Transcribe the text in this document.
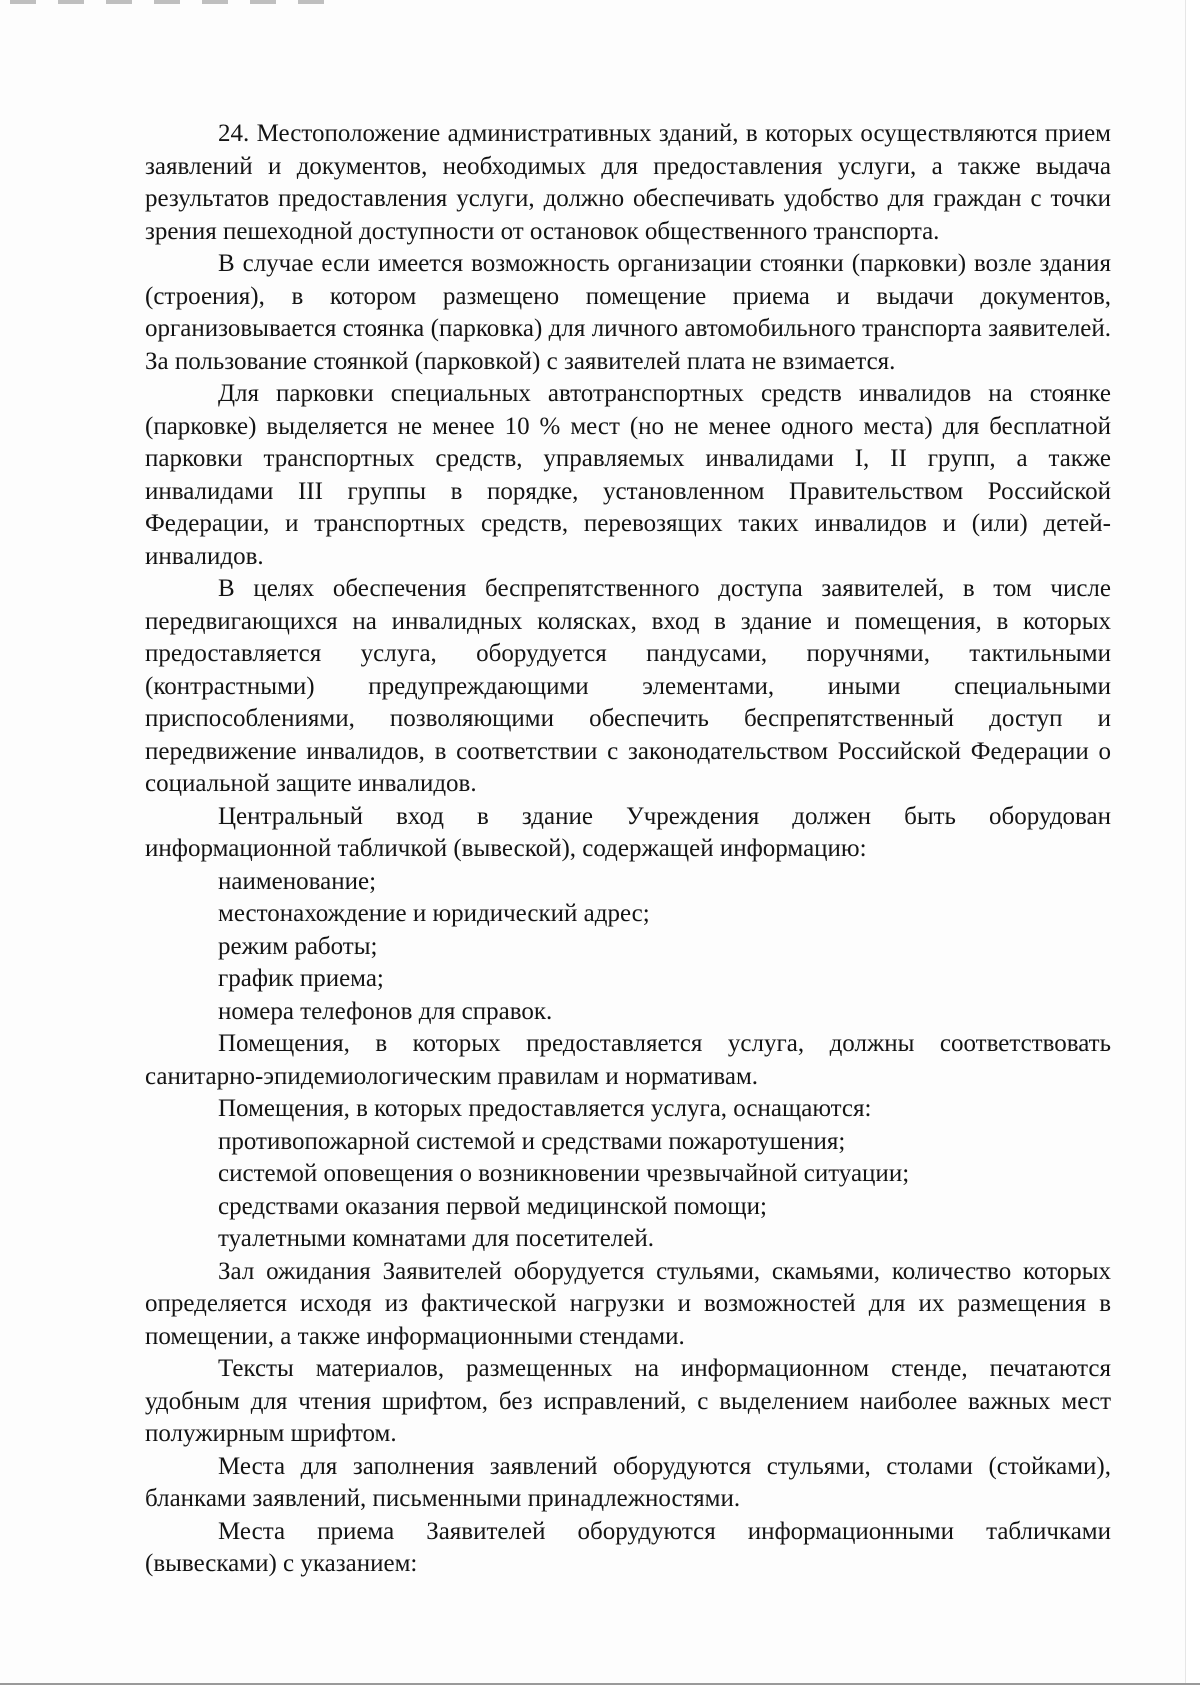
24. Местоположение административных зданий, в которых осуществляются прием заявлений и документов, необходимых для предоставления услуги, а также выдача результатов предоставления услуги, должно обеспечивать удобство для граждан с точки зрения пешеходной доступности от остановок общественного транспорта.

В случае если имеется возможность организации стоянки (парковки) возле здания (строения), в котором размещено помещение приема и выдачи документов, организовывается стоянка (парковка) для личного автомобильного транспорта заявителей. За пользование стоянкой (парковкой) с заявителей плата не взимается.

Для парковки специальных автотранспортных средств инвалидов на стоянке (парковке) выделяется не менее 10 % мест (но не менее одного места) для бесплатной парковки транспортных средств, управляемых инвалидами I, II групп, а также инвалидами III группы в порядке, установленном Правительством Российской Федерации, и транспортных средств, перевозящих таких инвалидов и (или) детей-инвалидов.

В целях обеспечения беспрепятственного доступа заявителей, в том числе передвигающихся на инвалидных колясках, вход в здание и помещения, в которых предоставляется услуга, оборудуется пандусами, поручнями, тактильными (контрастными) предупреждающими элементами, иными специальными приспособлениями, позволяющими обеспечить беспрепятственный доступ и передвижение инвалидов, в соответствии с законодательством Российской Федерации о социальной защите инвалидов.

Центральный вход в здание Учреждения должен быть оборудован информационной табличкой (вывеской), содержащей информацию:

наименование;

местонахождение и юридический адрес;

режим работы;

график приема;

номера телефонов для справок.

Помещения, в которых предоставляется услуга, должны соответствовать санитарно-эпидемиологическим правилам и нормативам.

Помещения, в которых предоставляется услуга, оснащаются:

противопожарной системой и средствами пожаротушения;

системой оповещения о возникновении чрезвычайной ситуации;

средствами оказания первой медицинской помощи;

туалетными комнатами для посетителей.

Зал ожидания Заявителей оборудуется стульями, скамьями, количество которых определяется исходя из фактической нагрузки и возможностей для их размещения в помещении, а также информационными стендами.

Тексты материалов, размещенных на информационном стенде, печатаются удобным для чтения шрифтом, без исправлений, с выделением наиболее важных мест полужирным шрифтом.

Места для заполнения заявлений оборудуются стульями, столами (стойками), бланками заявлений, письменными принадлежностями.

Места приема Заявителей оборудуются информационными табличками (вывесками) с указанием:
